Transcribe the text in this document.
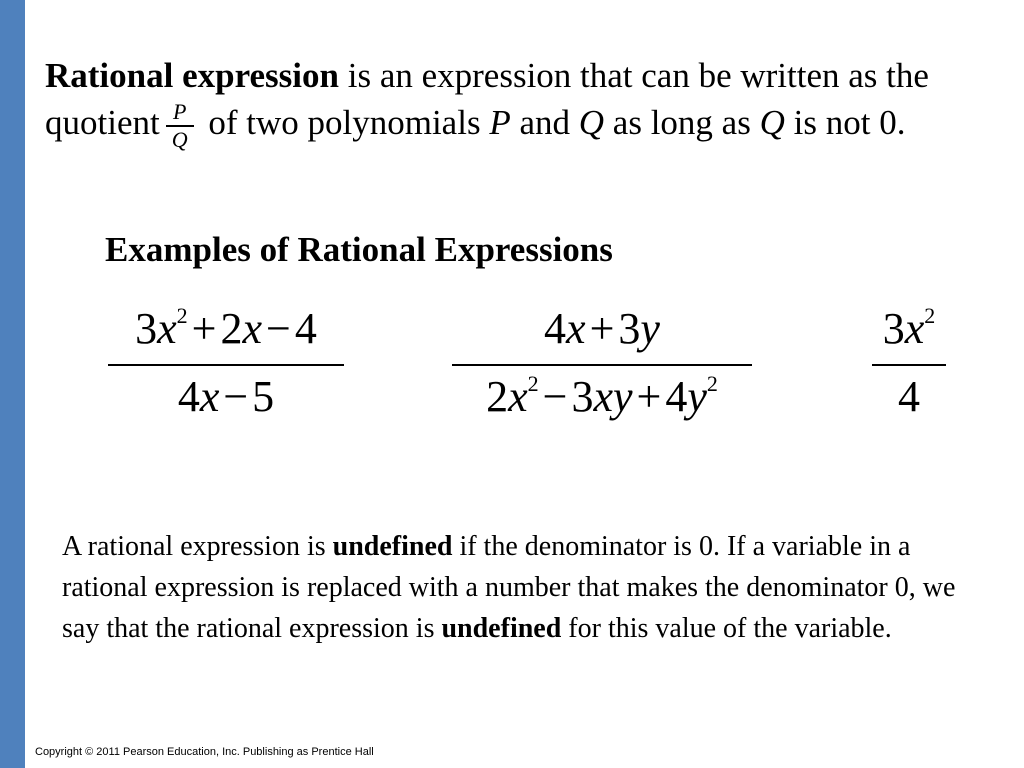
Rational expression is an expression that can be written as the quotient $\frac{P}{Q}$ of two polynomials P and Q as long as Q is not 0.

Examples of Rational Expressions
$3x^2+2x-4$
4x−5
4x+3y
$2x^2-3xy+4y^2$
$3x^2$
4

A rational expression is undefined if the denominator is 0. If a variable in a rational expression is replaced with a number that makes the denominator 0, we say that the rational expression is undefined for this value of the variable.

Copyright © 2011 Pearson Education, Inc. Publishing as Prentice Hall
